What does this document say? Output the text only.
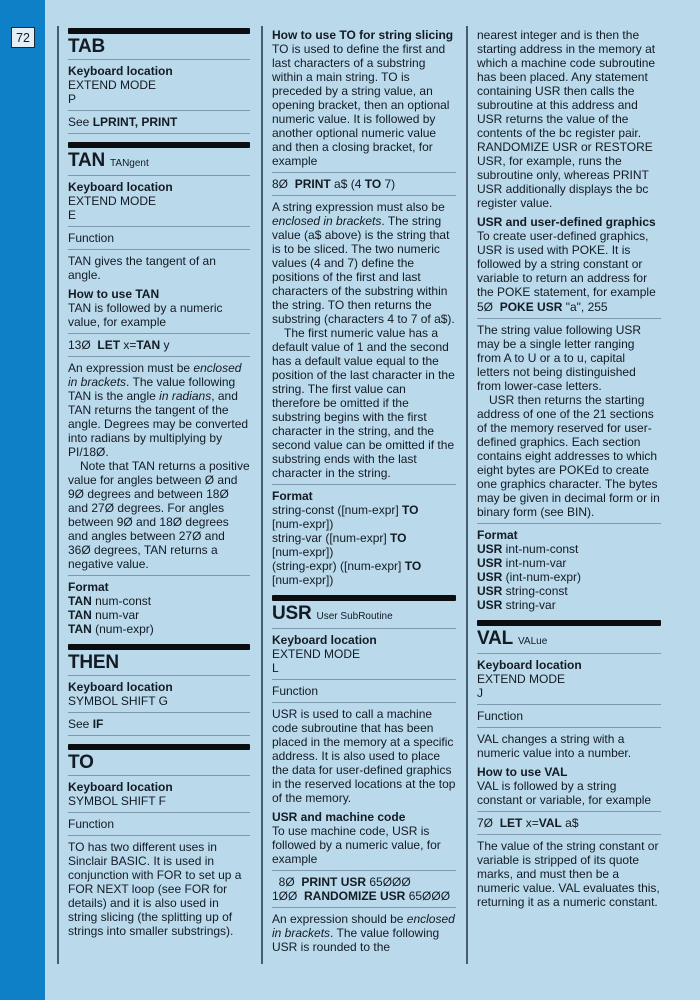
72 TAB
Keyboard location
EXTEND MODE
P

See LPRINT, PRINT

TAN TANgent
Keyboard location
EXTEND MODE
E

Function

TAN gives the tangent of an angle.

How to use TAN
TAN is followed by a numeric value, for example

13Ø  LET x=TAN y

An expression must be enclosed in brackets. The value following TAN is the angle in radians, and TAN returns the tangent of the angle. Degrees may be converted into radians by multiplying by PI/18Ø.

Note that TAN returns a positive value for angles between Ø and 9Ø degrees and between 18Ø and 27Ø degrees. For angles between 9Ø and 18Ø degrees and angles between 27Ø and 36Ø degrees, TAN returns a negative value.

Format
TAN num-const
TAN num-var
TAN (num-expr)
THEN
Keyboard location
SYMBOL SHIFT G

See IF

TO
Keyboard location
SYMBOL SHIFT F

Function

TO has two different uses in Sinclair BASIC. It is used in conjunction with FOR to set up a FOR NEXT loop (see FOR for details) and it is also used in string slicing (the splitting up of strings into smaller substrings).

How to use TO for string slicing
TO is used to define the first and last characters of a substring within a main string. TO is preceded by a string value, an opening bracket, then an optional numeric value. It is followed by another optional numeric value and then a closing bracket, for example

8Ø  PRINT a$ (4 TO 7)

A string expression must also be enclosed in brackets. The string value (a$ above) is the string that is to be sliced. The two numeric values (4 and 7) define the positions of the first and last characters of the substring within the string. TO then returns the substring (characters 4 to 7 of a$).

The first numeric value has a default value of 1 and the second has a default value equal to the position of the last character in the string. The first value can therefore be omitted if the substring begins with the first character in the string, and the second value can be omitted if the substring ends with the last character in the string.

Format
string-const ([num-expr] TO
[num-expr])
string-var ([num-expr] TO
[num-expr])
(string-expr) ([num-expr] TO
[num-expr])
USR User SubRoutine
Keyboard location
EXTEND MODE
L

Function

USR is used to call a machine code subroutine that has been placed in the memory at a specific address. It is also used to place the data for user-defined graphics in the reserved locations at the top of the memory.

USR and machine code
To use machine code, USR is followed by a numeric value, for example

8Ø  PRINT USR 65ØØØ
1ØØ  RANDOMIZE USR 65ØØØ

An expression should be enclosed in brackets. The value following USR is rounded to the

nearest integer and is then the starting address in the memory at which a machine code subroutine has been placed. Any statement containing USR then calls the subroutine at this address and USR returns the value of the contents of the bc register pair. RANDOMIZE USR or RESTORE USR, for example, runs the subroutine only, whereas PRINT USR additionally displays the bc register value.

USR and user-defined graphics
To create user-defined graphics, USR is used with POKE. It is followed by a string constant or variable to return an address for the POKE statement, for example

5Ø  POKE USR "a", 255

The string value following USR may be a single letter ranging from A to U or a to u, capital letters not being distinguished from lower-case letters.

USR then returns the starting address of one of the 21 sections of the memory reserved for user-defined graphics. Each section contains eight addresses to which eight bytes are POKEd to create one graphics character. The bytes may be given in decimal form or in binary form (see BIN).

Format
USR int-num-const
USR int-num-var
USR (int-num-expr)
USR string-const
USR string-var
VAL VALue
Keyboard location
EXTEND MODE
J

Function

VAL changes a string with a numeric value into a number.

How to use VAL
VAL is followed by a string constant or variable, for example

7Ø  LET x=VAL a$

The value of the string constant or variable is stripped of its quote marks, and must then be a numeric value. VAL evaluates this, returning it as a numeric constant.
